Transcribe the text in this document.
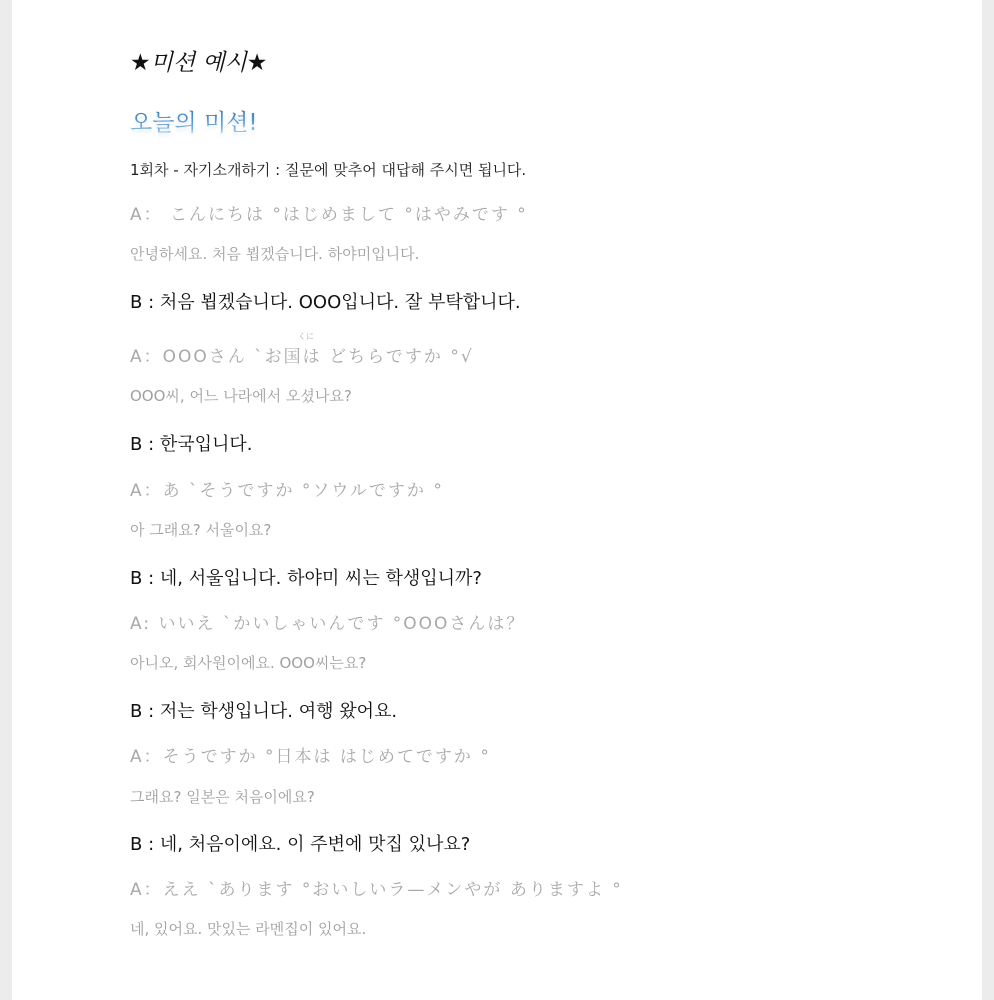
★미션 예시★
오늘의 미션!
1회차 - 자기소개하기 : 질문에 맞추어 대답해 주시면 됩니다.
A： こんにちは °はじめまして °はやみです °
안녕하세요. 처음 뵙겠습니다. 하야미입니다.
B : 처음 뵙겠습니다. OOO입니다. 잘 부탁합니다.
くに
A：OOOさん `お国は どちらですか °√
OOO씨, 어느 나라에서 오셨나요?
B : 한국입니다.
A：あ `そうですか °ソウルですか °
아 그래요? 서울이요?
B : 네, 서울입니다. 하야미 씨는 학생입니까?
A: いいえ `かいしゃいんです °OOOさんは？
아니오, 회사원이에요. OOO씨는요?
B : 저는 학생입니다. 여행 왔어요.
A：そうですか °日本は はじめてですか °
그래요? 일본은 처음이에요?
B : 네, 처음이에요. 이 주변에 맛집 있나요?
A：ええ `あります °おいしいラ—メンやが ありますよ °
네, 있어요. 맛있는 라멘집이 있어요.
